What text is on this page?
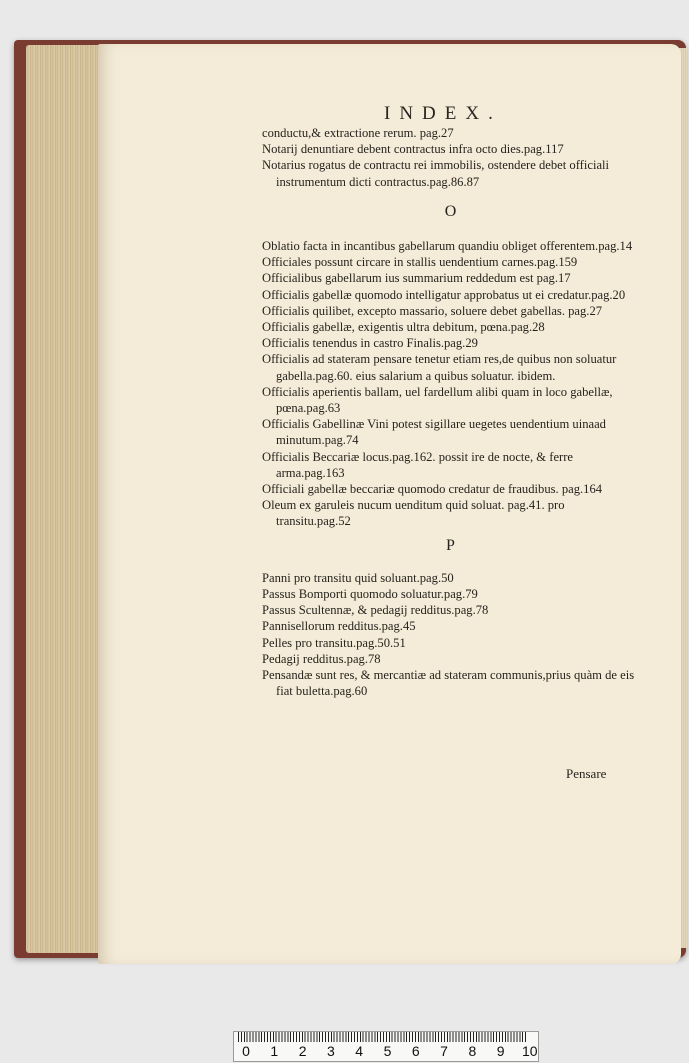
INDEX.

conductu,& extractione rerum. pag.27

Notarij denuntiare debent contractus infra octo dies.pag.117

Notarius rogatus de contractu rei immobilis, ostendere debet officiali instrumentum dicti contractus.pag.86.87

O

Oblatio facta in incantibus gabellarum quandiu obliget offerentem.pag.14

Officiales possunt circare in stallis uendentium carnes.pag.159

Officialibus gabellarum ius summarium reddedum est pag.17

Officialis gabellæ quomodo intelligatur approbatus ut ei credatur.pag.20

Officialis quilibet, excepto massario, soluere debet gabellas. pag.27

Officialis gabellæ, exigentis ultra debitum, pœna.pag.28

Officialis tenendus in castro Finalis.pag.29

Officialis ad stateram pensare tenetur etiam res,de quibus non soluatur gabella.pag.60. eius salarium a quibus soluatur. ibidem.

Officialis aperientis ballam, uel fardellum alibi quam in loco gabellæ, pœna.pag.63

Officialis Gabellinæ Vini potest sigillare uegetes uendentium uinaad minutum.pag.74

Officialis Beccariæ locus.pag.162. possit ire de nocte, & ferre arma.pag.163

Officiali gabellæ beccariæ quomodo credatur de fraudibus. pag.164

Oleum ex garuleis nucum uenditum quid soluat. pag.41. pro transitu.pag.52

P

Panni pro transitu quid soluant.pag.50

Passus Bomporti quomodo soluatur.pag.79

Passus Scultennæ, & pedagij redditus.pag.78

Pannisellorum redditus.pag.45

Pelles pro transitu.pag.50.51

Pedagij redditus.pag.78

Pensandæ sunt res, & mercantiæ ad stateram communis,prius quàm de eis fiat buletta.pag.60

Pensare

0 1 2 3 4 5 6 7 8 9 10
